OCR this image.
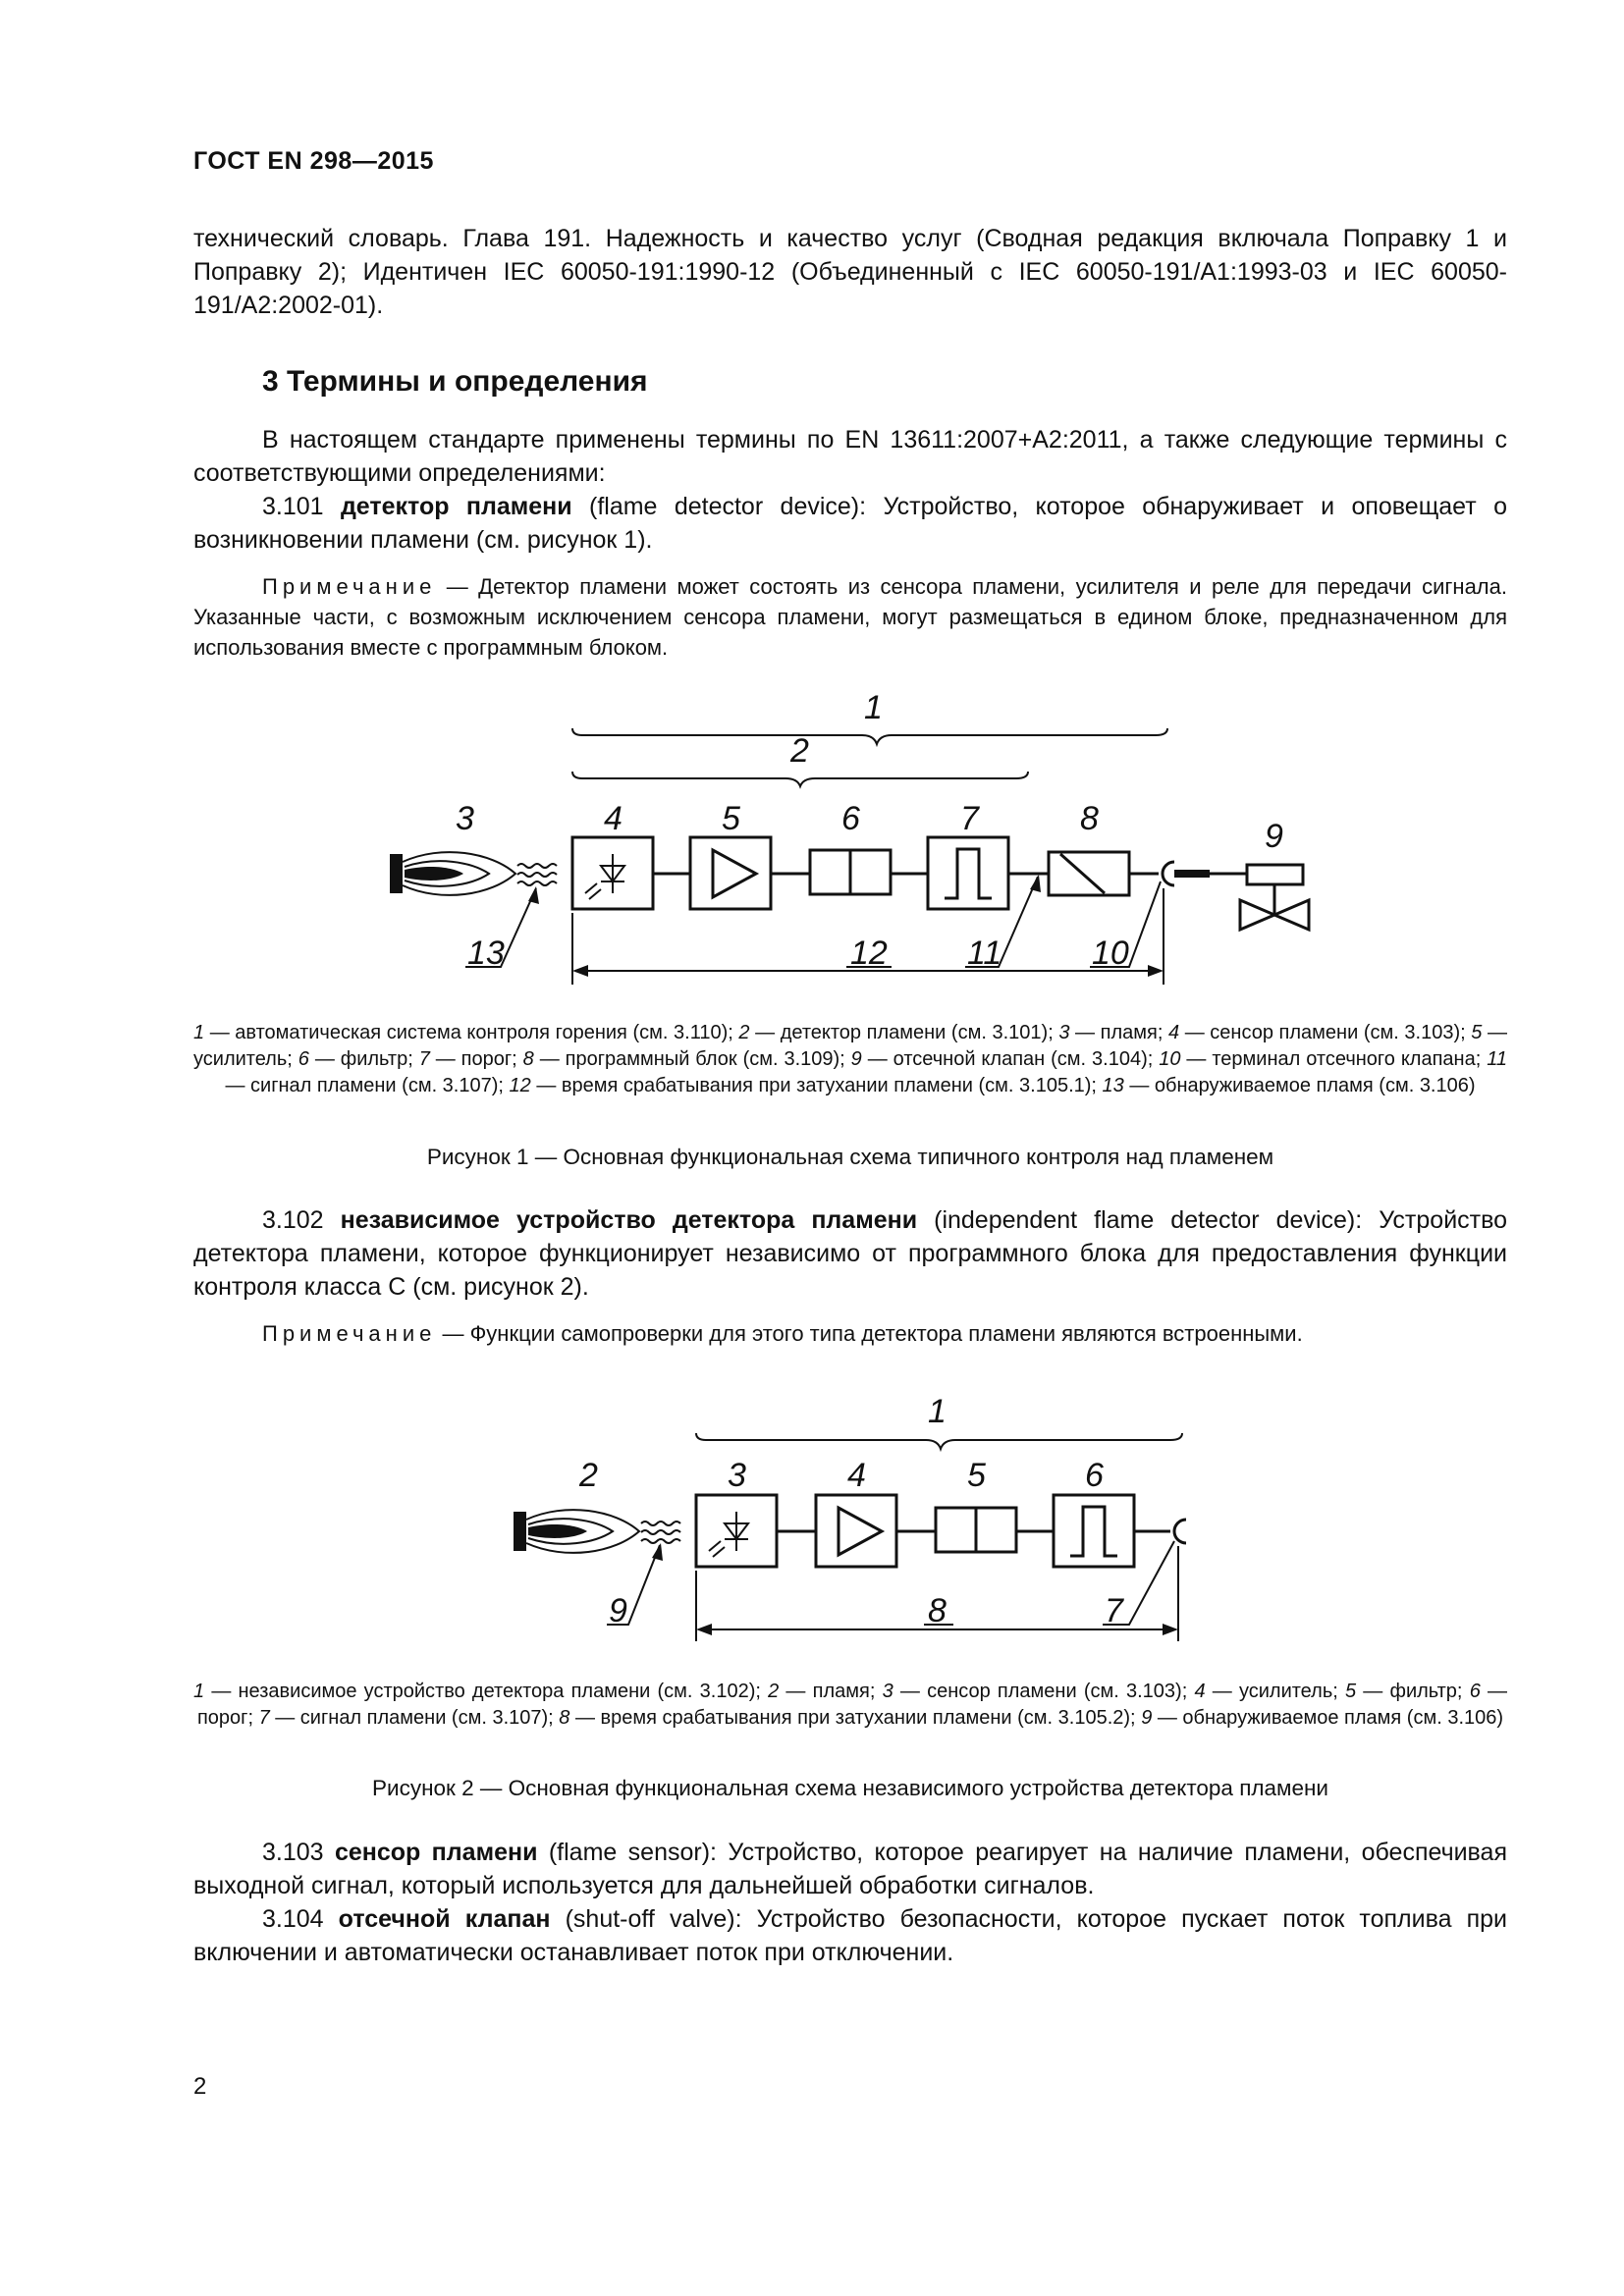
ГОСТ EN 298—2015
технический словарь. Глава 191. Надежность и качество услуг (Сводная редакция включала Поправку 1 и Поправку 2); Идентичен IEC 60050-191:1990-12 (Объединенный с IEC 60050-191/A1:1993-03 и IEC 60050-191/A2:2002-01).
3 Термины и определения
В настоящем стандарте применены термины по EN 13611:2007+A2:2011, а также следующие термины с соответствующими определениями:
3.101 детектор пламени (flame detector device): Устройство, которое обнаруживает и оповещает о возникновении пламени (см. рисунок 1).
Примечание — Детектор пламени может состоять из сенсора пламени, усилителя и реле для передачи сигнала. Указанные части, с возможным исключением сенсора пламени, могут размещаться в едином блоке, предназначенном для использования вместе с программным блоком.
1
2
3	4	5	6	7	8	9
12
13	11	10
1 — автоматическая система контроля горения (см. 3.110); 2 — детектор пламени (см. 3.101); 3 — пламя; 4 — сенсор пламени (см. 3.103); 5 — усилитель; 6 — фильтр; 7 — порог; 8 — программный блок (см. 3.109); 9 — отсечной клапан (см. 3.104); 10 — терминал отсечного клапана; 11 — сигнал пламени (см. 3.107); 12 — время срабатывания при затухании пламени (см. 3.105.1); 13 — обнаруживаемое пламя (см. 3.106)
Рисунок 1 — Основная функциональная схема типичного контроля над пламенем
3.102 независимое устройство детектора пламени (independent flame detector device): Устройство детектора пламени, которое функционирует независимо от программного блока для предоставления функции контроля класса С (см. рисунок 2).
Примечание — Функции самопроверки для этого типа детектора пламени являются встроенными.
1
2	3	4	5	6
8
9	7
1 — независимое устройство детектора пламени (см. 3.102); 2 — пламя; 3 — сенсор пламени (см. 3.103); 4 — усилитель; 5 — фильтр; 6 — порог; 7 — сигнал пламени (см. 3.107); 8 — время срабатывания при затухании пламени (см. 3.105.2); 9 — обнаруживаемое пламя (см. 3.106)
Рисунок 2 — Основная функциональная схема независимого устройства детектора пламени
3.103 сенсор пламени (flame sensor): Устройство, которое реагирует на наличие пламени, обеспечивая выходной сигнал, который используется для дальнейшей обработки сигналов.
3.104 отсечной клапан (shut-off valve): Устройство безопасности, которое пускает поток топлива при включении и автоматически останавливает поток при отключении.
2
